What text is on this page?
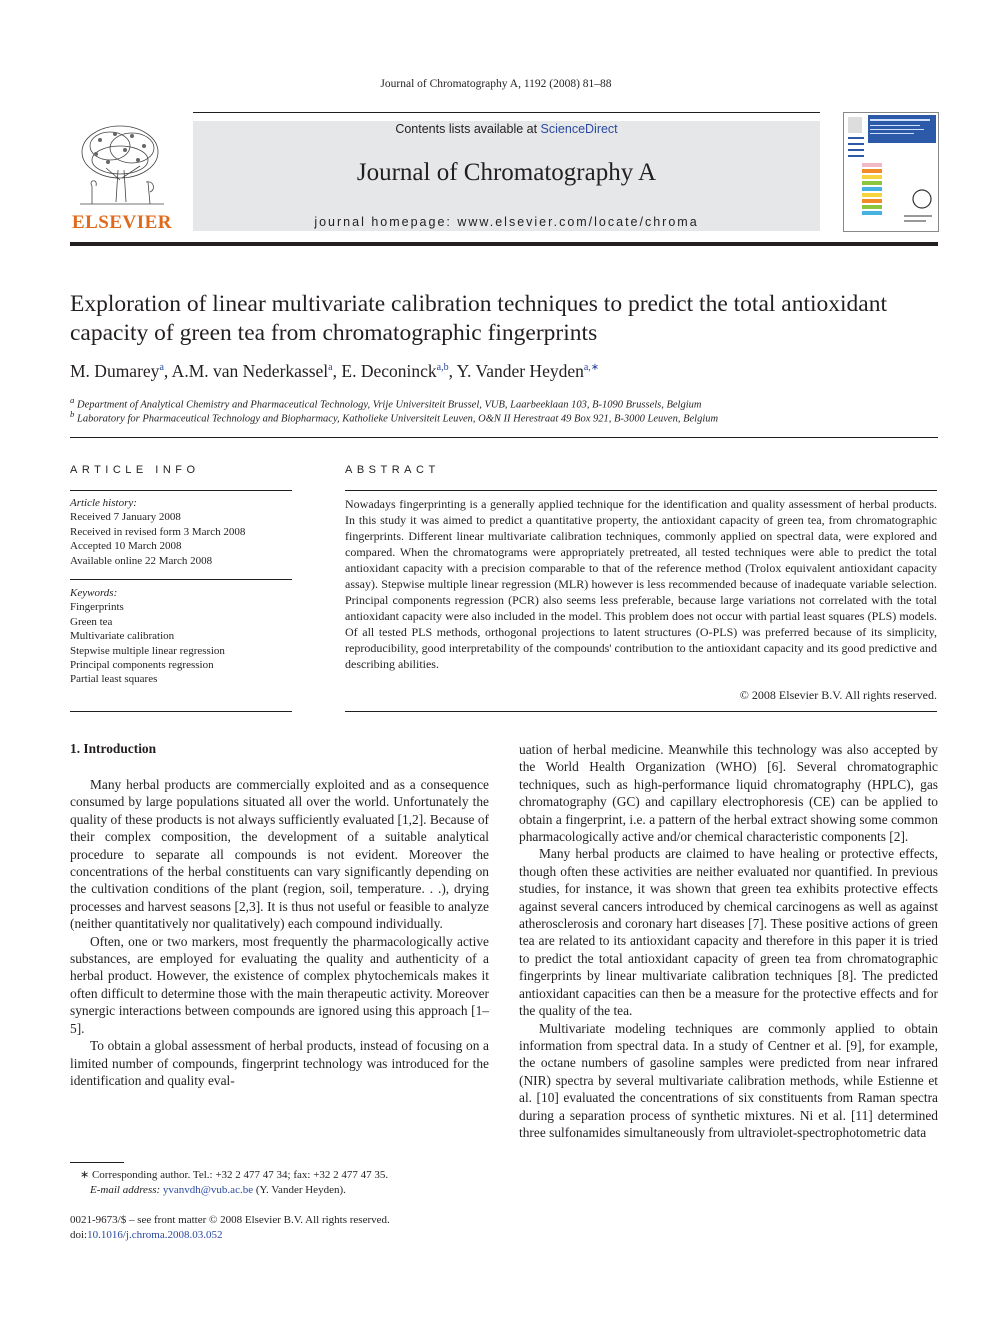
Journal of Chromatography A, 1192 (2008) 81–88
ELSEVIER
Contents lists available at ScienceDirect
Journal of Chromatography A
journal homepage: www.elsevier.com/locate/chroma
Exploration of linear multivariate calibration techniques to predict the total antioxidant capacity of green tea from chromatographic fingerprints
M. Dumarey$^a$, A.M. van Nederkassel$^a$, E. Deconinck$^{a,b}$, Y. Vander Heyden$^{a,∗}$
$^a$ Department of Analytical Chemistry and Pharmaceutical Technology, Vrije Universiteit Brussel, VUB, Laarbeeklaan 103, B-1090 Brussels, Belgium
$^b$ Laboratory for Pharmaceutical Technology and Biopharmacy, Katholieke Universiteit Leuven, O&N II Herestraat 49 Box 921, B-3000 Leuven, Belgium
ARTICLE INFO
Article history:
Received 7 January 2008
Received in revised form 3 March 2008
Accepted 10 March 2008
Available online 22 March 2008
Keywords:
Fingerprints
Green tea
Multivariate calibration
Stepwise multiple linear regression
Principal components regression
Partial least squares
ABSTRACT
Nowadays fingerprinting is a generally applied technique for the identification and quality assessment of herbal products. In this study it was aimed to predict a quantitative property, the antioxidant capacity of green tea, from chromatographic fingerprints. Different linear multivariate calibration techniques, commonly applied on spectral data, were explored and compared. When the chromatograms were appropriately pretreated, all tested techniques were able to predict the total antioxidant capacity with a precision comparable to that of the reference method (Trolox equivalent antioxidant capacity assay). Stepwise multiple linear regression (MLR) however is less recommended because of inadequate variable selection. Principal components regression (PCR) also seems less preferable, because large variations not correlated with the total antioxidant capacity were also included in the model. This problem does not occur with partial least squares (PLS) models. Of all tested PLS methods, orthogonal projections to latent structures (O-PLS) was preferred because of its simplicity, reproducibility, good interpretability of the compounds' contribution to the antioxidant capacity and its good predictive and describing abilities.
© 2008 Elsevier B.V. All rights reserved.
1. Introduction

Many herbal products are commercially exploited and as a consequence consumed by large populations situated all over the world. Unfortunately the quality of these products is not always sufficiently evaluated [1,2]. Because of their complex composition, the development of a suitable analytical procedure to separate all compounds is not evident. Moreover the concentrations of the herbal constituents can vary significantly depending on the cultivation conditions of the plant (region, soil, temperature. . .), drying processes and harvest seasons [2,3]. It is thus not useful or feasible to analyze (neither quantitatively nor qualitatively) each compound individually.

Often, one or two markers, most frequently the pharmacologically active substances, are employed for evaluating the quality and authenticity of a herbal product. However, the existence of complex phytochemicals makes it often difficult to determine those with the main therapeutic activity. Moreover synergic interactions between compounds are ignored using this approach [1–5].

To obtain a global assessment of herbal products, instead of focusing on a limited number of compounds, fingerprint technology was introduced for the identification and quality eval-

uation of herbal medicine. Meanwhile this technology was also accepted by the World Health Organization (WHO) [6]. Several chromatographic techniques, such as high-performance liquid chromatography (HPLC), gas chromatography (GC) and capillary electrophoresis (CE) can be applied to obtain a fingerprint, i.e. a pattern of the herbal extract showing some common pharmacologically active and/or chemical characteristic components [2].

Many herbal products are claimed to have healing or protective effects, though often these activities are neither evaluated nor quantified. In previous studies, for instance, it was shown that green tea exhibits protective effects against several cancers introduced by chemical carcinogens as well as against atherosclerosis and coronary hart diseases [7]. These positive actions of green tea are related to its antioxidant capacity and therefore in this paper it is tried to predict the total antioxidant capacity of green tea from chromatographic fingerprints by linear multivariate calibration techniques [8]. The predicted antioxidant capacities can then be a measure for the protective effects and for the quality of the tea.

Multivariate modeling techniques are commonly applied to obtain information from spectral data. In a study of Centner et al. [9], for example, the octane numbers of gasoline samples were predicted from near infrared (NIR) spectra by several multivariate calibration methods, while Estienne et al. [10] evaluated the concentrations of six constituents from Raman spectra during a separation process of synthetic mixtures. Ni et al. [11] determined three sulfonamides simultaneously from ultraviolet-spectrophotometric data

∗ Corresponding author. Tel.: +32 2 477 47 34; fax: +32 2 477 47 35.
E-mail address: yvanvdh@vub.ac.be (Y. Vander Heyden).
0021-9673/$ – see front matter © 2008 Elsevier B.V. All rights reserved.
doi:10.1016/j.chroma.2008.03.052
